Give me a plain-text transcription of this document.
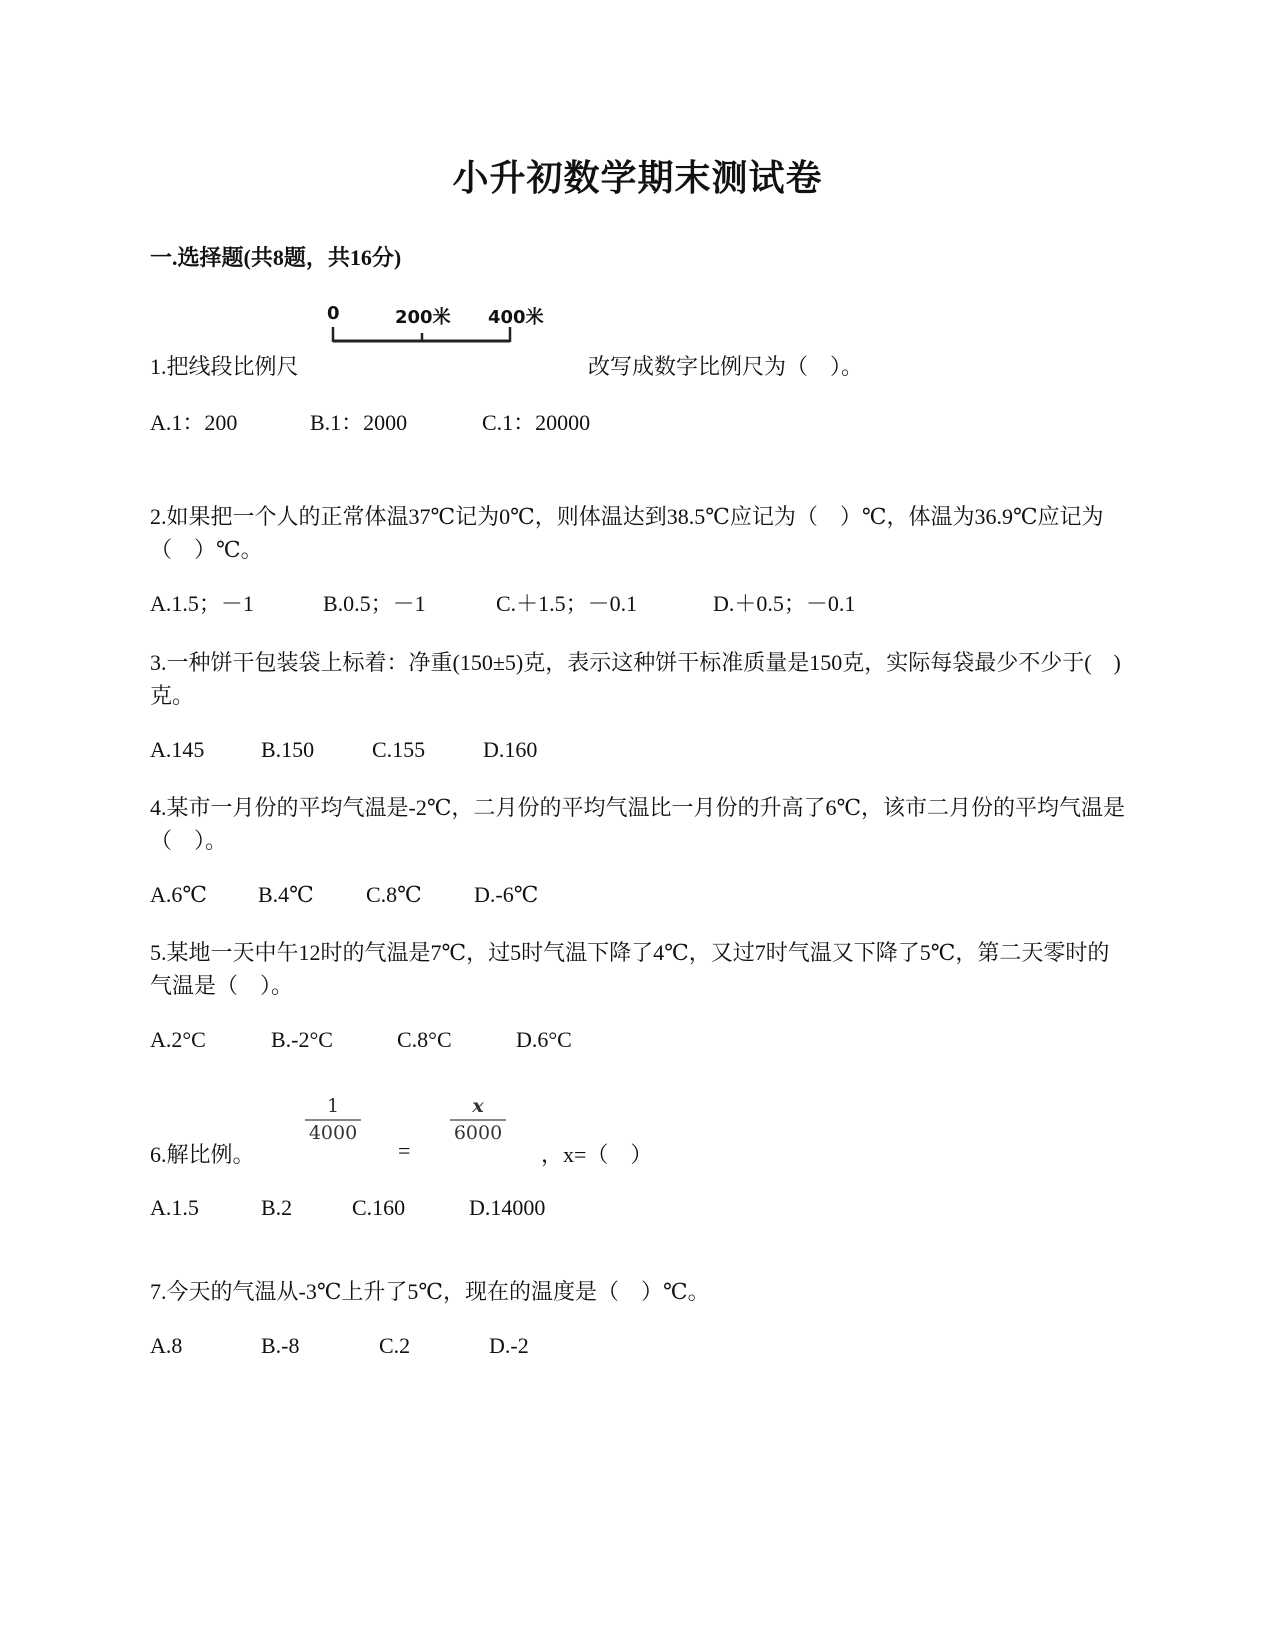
小升初数学期末测试卷
一.选择题(共8题，共16分)
0	200米 400米
1.把线段比例尺	改写成数字比例尺为（　）。
A.1：200	B.1：2000	C.1：20000
2.如果把一个人的正常体温37℃记为0℃，则体温达到38.5℃应记为（　）℃，体温为36.9℃应记为（　）℃。
A.1.5；－1	B.0.5；－1	C.＋1.5；－0.1	D.＋0.5；－0.1
3.一种饼干包装袋上标着：净重(150±5)克，表示这种饼干标准质量是150克，实际每袋最少不少于(　)克。
A.145	B.150	C.155	D.160
4.某市一月份的平均气温是-2℃，二月份的平均气温比一月份的升高了6℃，该市二月份的平均气温是（　）。
A.6℃ B.4℃ C.8℃ D.-6℃
5.某地一天中午12时的气温是7℃，过5时气温下降了4℃，又过7时气温又下降了5℃，第二天零时的气温是（　）。
A.2°C	B.-2°C	C.8°C	D.6°C
6.解比例。
$\frac{1}{4000}$
=
$\frac{x}{6000}$
，x=（　）
A.1.5	B.2	C.160	D.14000
7.今天的气温从-3℃上升了5℃，现在的温度是（　）℃。
A.8	B.-8	C.2	D.-2
